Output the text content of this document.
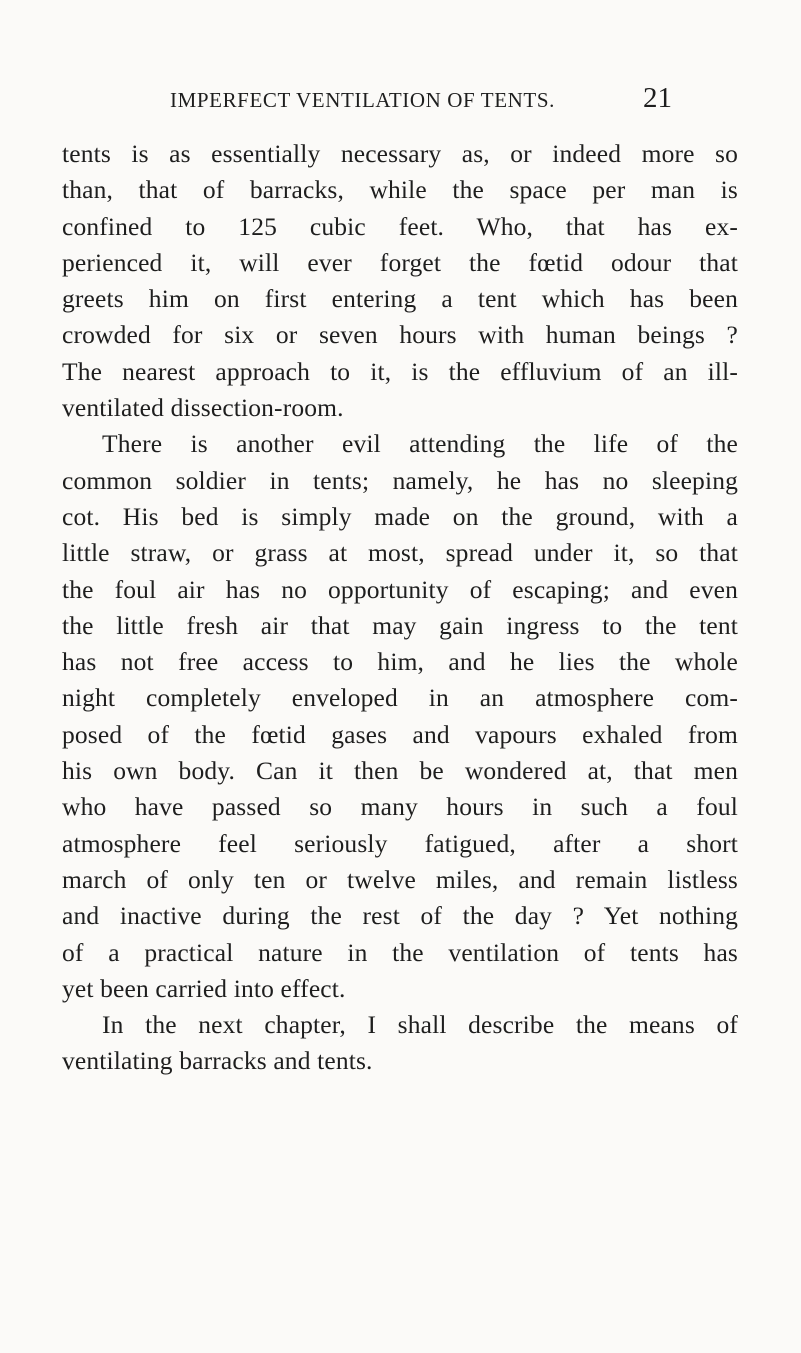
IMPERFECT VENTILATION OF TENTS.	21
tents is as essentially necessary as, or indeed more so
than, that of barracks, while the space per man is
confined to 125 cubic feet. Who, that has ex-
perienced it, will ever forget the fœtid odour that
greets him on first entering a tent which has been
crowded for six or seven hours with human beings ?
The nearest approach to it, is the effluvium of an ill-
ventilated dissection-room.
There is another evil attending the life of the
common soldier in tents; namely, he has no sleeping
cot. His bed is simply made on the ground, with a
little straw, or grass at most, spread under it, so that
the foul air has no opportunity of escaping; and even
the little fresh air that may gain ingress to the tent
has not free access to him, and he lies the whole
night completely enveloped in an atmosphere com-
posed of the fœtid gases and vapours exhaled from
his own body. Can it then be wondered at, that men
who have passed so many hours in such a foul
atmosphere feel seriously fatigued, after a short
march of only ten or twelve miles, and remain listless
and inactive during the rest of the day ? Yet nothing
of a practical nature in the ventilation of tents has
yet been carried into effect.
In the next chapter, I shall describe the means of
ventilating barracks and tents.
